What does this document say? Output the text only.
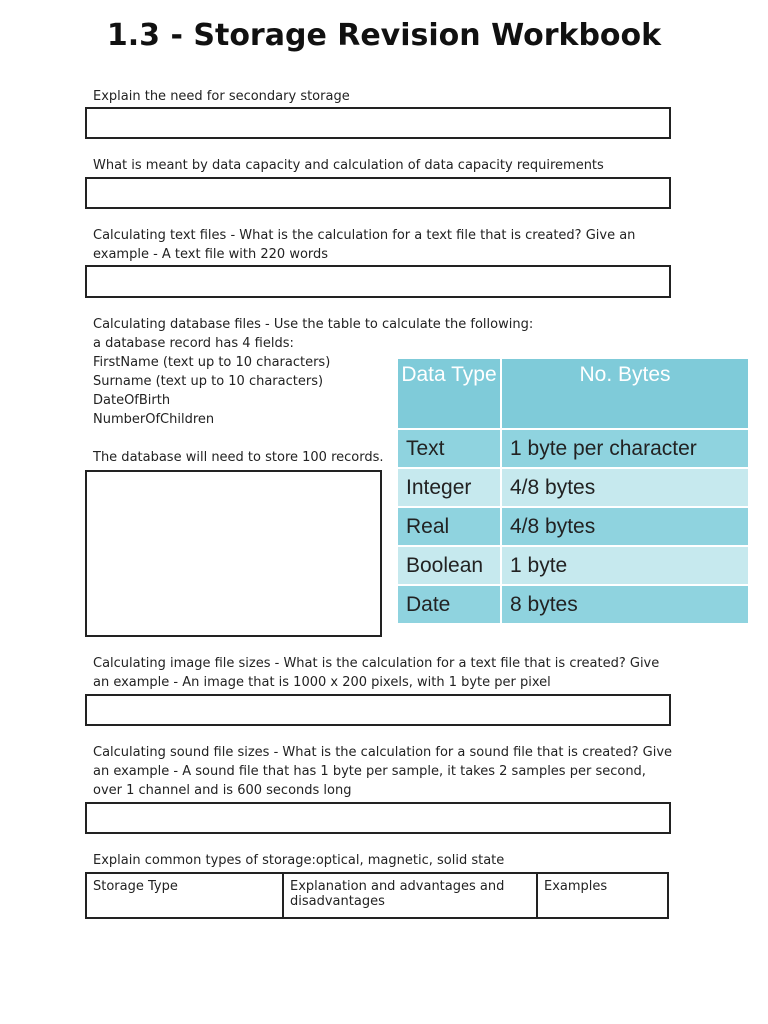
1.3 - Storage Revision Workbook
Explain the need for secondary storage
What is meant by data capacity and calculation of data capacity requirements
Calculating text files - What is the calculation for a text file that is created? Give an example - A text file with 220 words
Calculating database files - Use the table to calculate the following:
a database record has 4 fields:
FirstName (text up to 10 characters)
Surname (text up to 10 characters)
DateOfBirth
NumberOfChildren
The database will need to store 100 records.
Data Type	No. Bytes
Text	1 byte per character
Integer	4/8 bytes
Real	4/8 bytes
Boolean	1 byte
Date	8 bytes
Calculating image file sizes - What is the calculation for a text file that is created? Give an example - An image that is 1000 x 200 pixels, with 1 byte per pixel
Calculating sound file sizes - What is the calculation for a sound file that is created? Give an example - A sound file that has 1 byte per sample, it takes 2 samples per second, over 1 channel and is 600 seconds long
Explain common types of storage:optical, magnetic, solid state
Storage Type	Explanation and advantages and disadvantages	Examples
